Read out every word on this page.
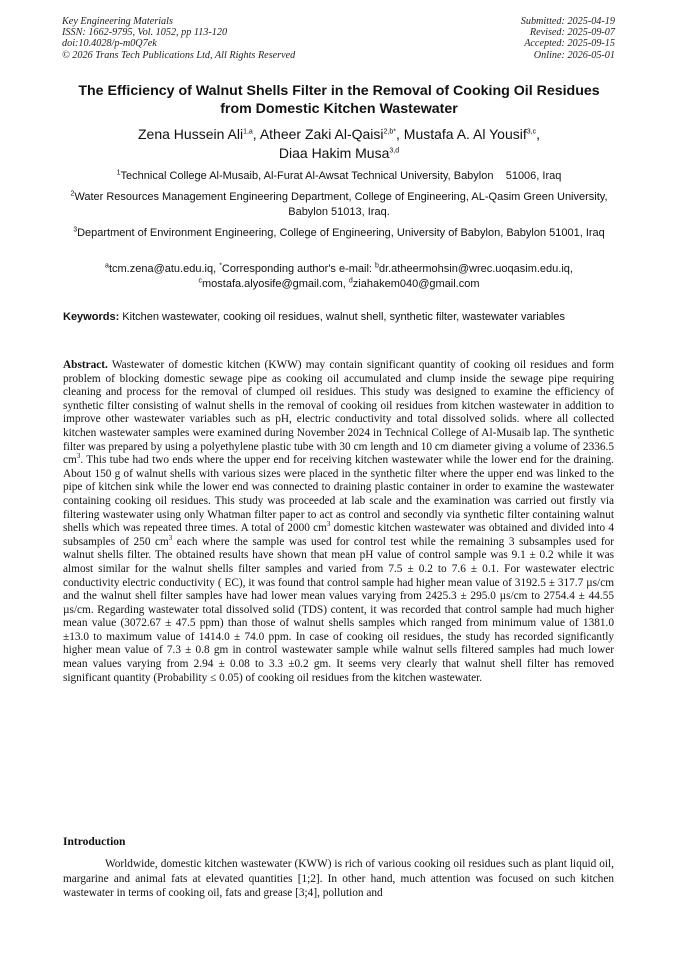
Key Engineering Materials
ISSN: 1662-9795, Vol. 1052, pp 113-120
doi:10.4028/p-m0Q7ek
© 2026 Trans Tech Publications Ltd, All Rights Reserved
Submitted: 2025-04-19
Revised: 2025-09-07
Accepted: 2025-09-15
Online: 2026-05-01
The Efficiency of Walnut Shells Filter in the Removal of Cooking Oil Residues from Domestic Kitchen Wastewater
Zena Hussein Ali$^{1,a}$, Atheer Zaki Al-Qaisi$^{2,b*}$, Mustafa A. Al Yousif$^{3,c}$,
Diaa Hakim Musa$^{3,d}$
$^1$Technical College Al-Musaib, Al-Furat Al-Awsat Technical University, Babylon    51006, Iraq
$^2$Water Resources Management Engineering Department, College of Engineering, AL-Qasim Green University, Babylon 51013, Iraq.
$^3$Department of Environment Engineering, College of Engineering, University of Babylon, Babylon 51001, Iraq
$^a$tcm.zena@atu.edu.iq, *Corresponding author's e-mail: $^b$dr.atheermohsin@wrec.uoqasim.edu.iq,
$^c$mostafa.alyosife@gmail.com, $^d$ziahakem040@gmail.com
Keywords: Kitchen wastewater, cooking oil residues, walnut shell, synthetic filter, wastewater variables
Abstract. Wastewater of domestic kitchen (KWW) may contain significant quantity of cooking oil residues and form problem of blocking domestic sewage pipe as cooking oil accumulated and clump inside the sewage pipe requiring cleaning and process for the removal of clumped oil residues. This study was designed to examine the efficiency of synthetic filter consisting of walnut shells in the removal of cooking oil residues from kitchen wastewater in addition to improve other wastewater variables such as pH, electric conductivity and total dissolved solids. where all collected kitchen wastewater samples were examined during November 2024 in Technical College of Al-Musaib lap. The synthetic filter was prepared by using a polyethylene plastic tube with 30 cm length and 10 cm diameter giving a volume of 2336.5 $cm^3$. This tube had two ends where the upper end for receiving kitchen wastewater while the lower end for the draining. About 150 g of walnut shells with various sizes were placed in the synthetic filter where the upper end was linked to the pipe of kitchen sink while the lower end was connected to draining plastic container in order to examine the wastewater containing cooking oil residues. This study was proceeded at lab scale and the examination was carried out firstly via filtering wastewater using only Whatman filter paper to act as control and secondly via synthetic filter containing walnut shells which was repeated three times. A total of 2000 $cm^3$ domestic kitchen wastewater was obtained and divided into 4 subsamples of 250 $cm^3$ each where the sample was used for control test while the remaining 3 subsamples used for walnut shells filter. The obtained results have shown that mean pH value of control sample was 9.1 ± 0.2 while it was almost similar for the walnut shells filter samples and varied from 7.5 ± 0.2 to 7.6 ± 0.1. For wastewater electric conductivity electric conductivity ( EC), it was found that control sample had higher mean value of 3192.5 ± 317.7 µs/cm and the walnut shell filter samples have had lower mean values varying from 2425.3 ± 295.0 µs/cm to 2754.4 ± 44.55 µs/cm. Regarding wastewater total dissolved solid (TDS) content, it was recorded that control sample had much higher mean value (3072.67 ± 47.5 ppm) than those of walnut shells samples which ranged from minimum value of 1381.0 ±13.0 to maximum value of 1414.0 ± 74.0 ppm. In case of cooking oil residues, the study has recorded significantly higher mean value of 7.3 ± 0.8 gm in control wastewater sample while walnut sells filtered samples had much lower mean values varying from 2.94 ± 0.08 to 3.3 ±0.2 gm. It seems very clearly that walnut shell filter has removed significant quantity (Probability ≤ 0.05) of cooking oil residues from the kitchen wastewater.
Introduction
Worldwide, domestic kitchen wastewater (KWW) is rich of various cooking oil residues such as plant liquid oil, margarine and animal fats at elevated quantities [1;2]. In other hand, much attention was focused on such kitchen wastewater in terms of cooking oil, fats and grease [3;4], pollution and
